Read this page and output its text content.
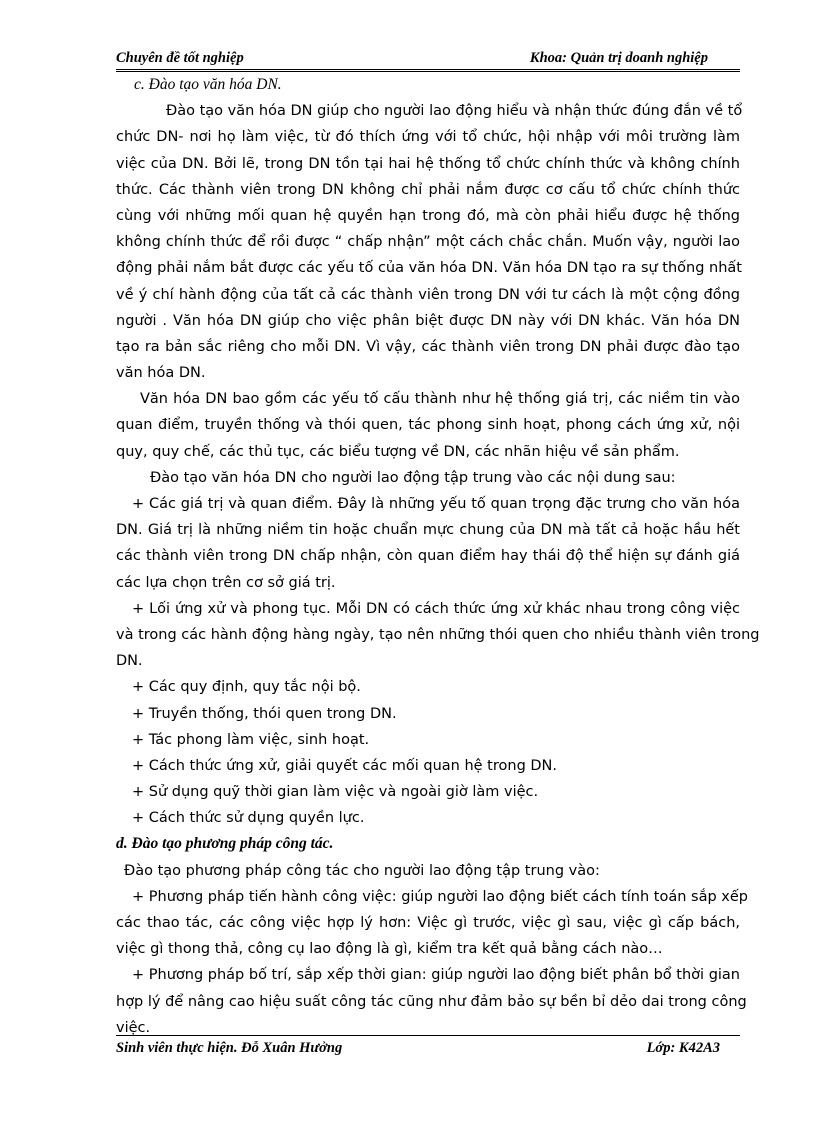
Chuyên đề tốt nghiệp	Khoa: Quản trị doanh nghiệp
c. Đào tạo văn hóa DN.
Đào tạo văn hóa DN giúp cho người lao động hiểu và nhận thức đúng đắn về tổ
chức DN- nơi họ làm việc, từ đó thích ứng với tổ chức, hội nhập với môi trường làm
việc của DN. Bởi lẽ, trong DN tồn tại hai hệ thống tổ chức chính thức và không chính
thức. Các thành viên trong DN không chỉ phải nắm được cơ cấu tổ chức chính thức
cùng với những mối quan hệ quyền hạn trong đó, mà còn phải hiểu được hệ thống
không chính thức để rồi được “ chấp nhận” một cách chắc chắn. Muốn vậy, người lao
động phải nắm bắt được các yếu tố của văn hóa DN. Văn hóa DN tạo ra sự thống nhất
về ý chí hành động của tất cả các thành viên trong DN với tư cách là một cộng đồng
người . Văn hóa DN giúp cho việc phân biệt được DN này với DN khác. Văn hóa DN
tạo ra bản sắc riêng cho mỗi DN. Vì vậy, các thành viên trong DN phải được đào tạo
văn hóa DN.
Văn hóa DN bao gồm các yếu tố cấu thành như hệ thống giá trị, các niềm tin vào
quan điểm, truyền thống và thói quen, tác phong sinh hoạt, phong cách ứng xử, nội
quy, quy chế, các thủ tục, các biểu tượng về DN, các nhãn hiệu về sản phẩm.
Đào tạo văn hóa DN cho người lao động tập trung vào các nội dung sau:
+ Các giá trị và quan điểm. Đây là những yếu tố quan trọng đặc trưng cho văn hóa
DN. Giá trị là những niềm tin hoặc chuẩn mực chung của DN mà tất cả hoặc hầu hết
các thành viên trong DN chấp nhận, còn quan điểm hay thái độ thể hiện sự đánh giá
các lựa chọn trên cơ sở giá trị.
+ Lối ứng xử và phong tục. Mỗi DN có cách thức ứng xử khác nhau trong công việc
và trong các hành động hàng ngày, tạo nên những thói quen cho nhiều thành viên trong
DN.
+ Các quy định, quy tắc nội bộ.
+ Truyền thống, thói quen trong DN.
+ Tác phong làm việc, sinh hoạt.
+ Cách thức ứng xử, giải quyết các mối quan hệ trong DN.
+ Sử dụng quỹ thời gian làm việc và ngoài giờ làm việc.
+ Cách thức sử dụng quyền lực.
d. Đào tạo phương pháp công tác.
Đào tạo phương pháp công tác cho người lao động tập trung vào:
+ Phương pháp tiến hành công việc: giúp người lao động biết cách tính toán sắp xếp
các thao tác, các công việc hợp lý hơn: Việc gì trước, việc gì sau, việc gì cấp bách,
việc gì thong thả, công cụ lao động là gì, kiểm tra kết quả bằng cách nào…
+ Phương pháp bố trí, sắp xếp thời gian: giúp người lao động biết phân bổ thời gian
hợp lý để nâng cao hiệu suất công tác cũng như đảm bảo sự bền bỉ dẻo dai trong công
việc.
Sinh viên thực hiện. Đỗ Xuân Hưởng	Lớp: K42A3
